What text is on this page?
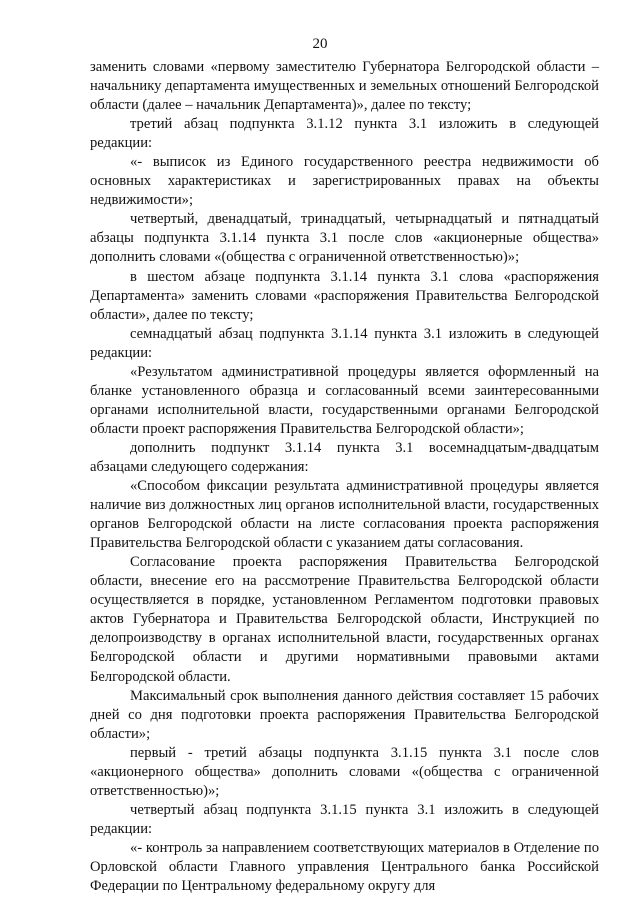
20

заменить словами «первому заместителю Губернатора Белгородской области – начальнику департамента имущественных и земельных отношений Белгородской области (далее – начальник Департамента)», далее по тексту;

третий абзац подпункта 3.1.12 пункта 3.1 изложить в следующей редакции:

«- выписок из Единого государственного реестра недвижимости об основных характеристиках и зарегистрированных правах на объекты недвижимости»;

четвертый, двенадцатый, тринадцатый, четырнадцатый и пятнадцатый абзацы подпункта 3.1.14 пункта 3.1 после слов «акционерные общества» дополнить словами «(общества с ограниченной ответственностью)»;

в шестом абзаце подпункта 3.1.14 пункта 3.1 слова «распоряжения Департамента» заменить словами «распоряжения Правительства Белгородской области», далее по тексту;

семнадцатый абзац подпункта 3.1.14 пункта 3.1 изложить в следующей редакции:

«Результатом административной процедуры является оформленный на бланке установленного образца и согласованный всеми заинтересованными органами исполнительной власти, государственными органами Белгородской области проект распоряжения Правительства Белгородской области»;

дополнить подпункт 3.1.14 пункта 3.1 восемнадцатым-двадцатым абзацами следующего содержания:

«Способом фиксации результата административной процедуры является наличие виз должностных лиц органов исполнительной власти, государственных органов Белгородской области на листе согласования проекта распоряжения Правительства Белгородской области с указанием даты согласования.

Согласование проекта распоряжения Правительства Белгородской области, внесение его на рассмотрение Правительства Белгородской области осуществляется в порядке, установленном Регламентом подготовки правовых актов Губернатора и Правительства Белгородской области, Инструкцией по делопроизводству в органах исполнительной власти, государственных органах Белгородской области и другими нормативными правовыми актами Белгородской области.

Максимальный срок выполнения данного действия составляет 15 рабочих дней со дня подготовки проекта распоряжения Правительства Белгородской области»;

первый - третий абзацы подпункта 3.1.15 пункта 3.1 после слов «акционерного общества» дополнить словами «(общества с ограниченной ответственностью)»;

четвертый абзац подпункта 3.1.15 пункта 3.1 изложить в следующей редакции:

«- контроль за направлением соответствующих материалов в Отделение по Орловской области Главного управления Центрального банка Российской Федерации по Центральному федеральному округу для
